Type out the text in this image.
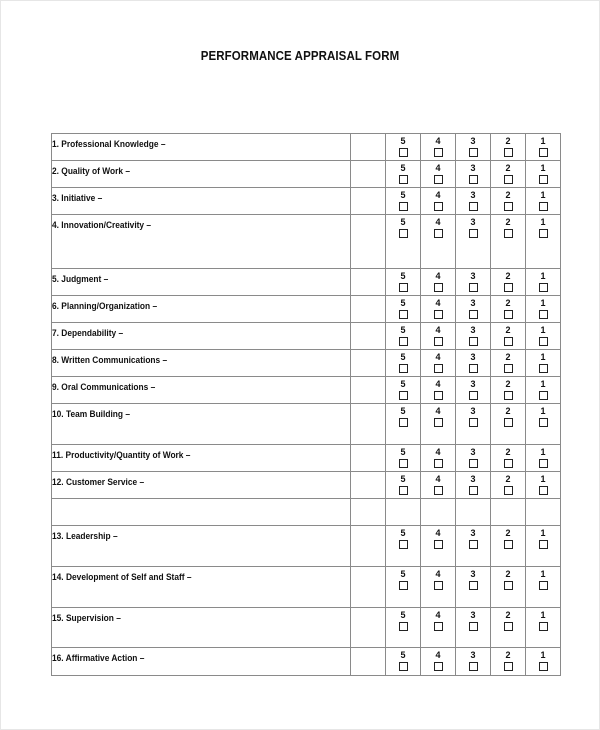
PERFORMANCE APPRAISAL FORM
1. Professional Knowledge –		5	4	3	2	1

2. Quality of Work –		5	4	3	2	1

3. Initiative –		5	4	3	2	1

4. Innovation/Creativity –		5	4	3	2	1

5. Judgment –		5	4	3	2	1

6. Planning/Organization –		5	4	3	2	1

7. Dependability –		5	4	3	2	1

8. Written Communications –		5	4	3	2	1

9. Oral Communications –		5	4	3	2	1

10. Team Building –		5	4	3	2	1

11. Productivity/Quantity of Work –		5	4	3	2	1

12. Customer Service –		5	4	3	2	1

13. Leadership –		5	4	3	2	1

14. Development of Self and Staff –		5	4	3	2	1

15. Supervision –		5	4	3	2	1

16. Affirmative Action –		5	4	3	2	1
